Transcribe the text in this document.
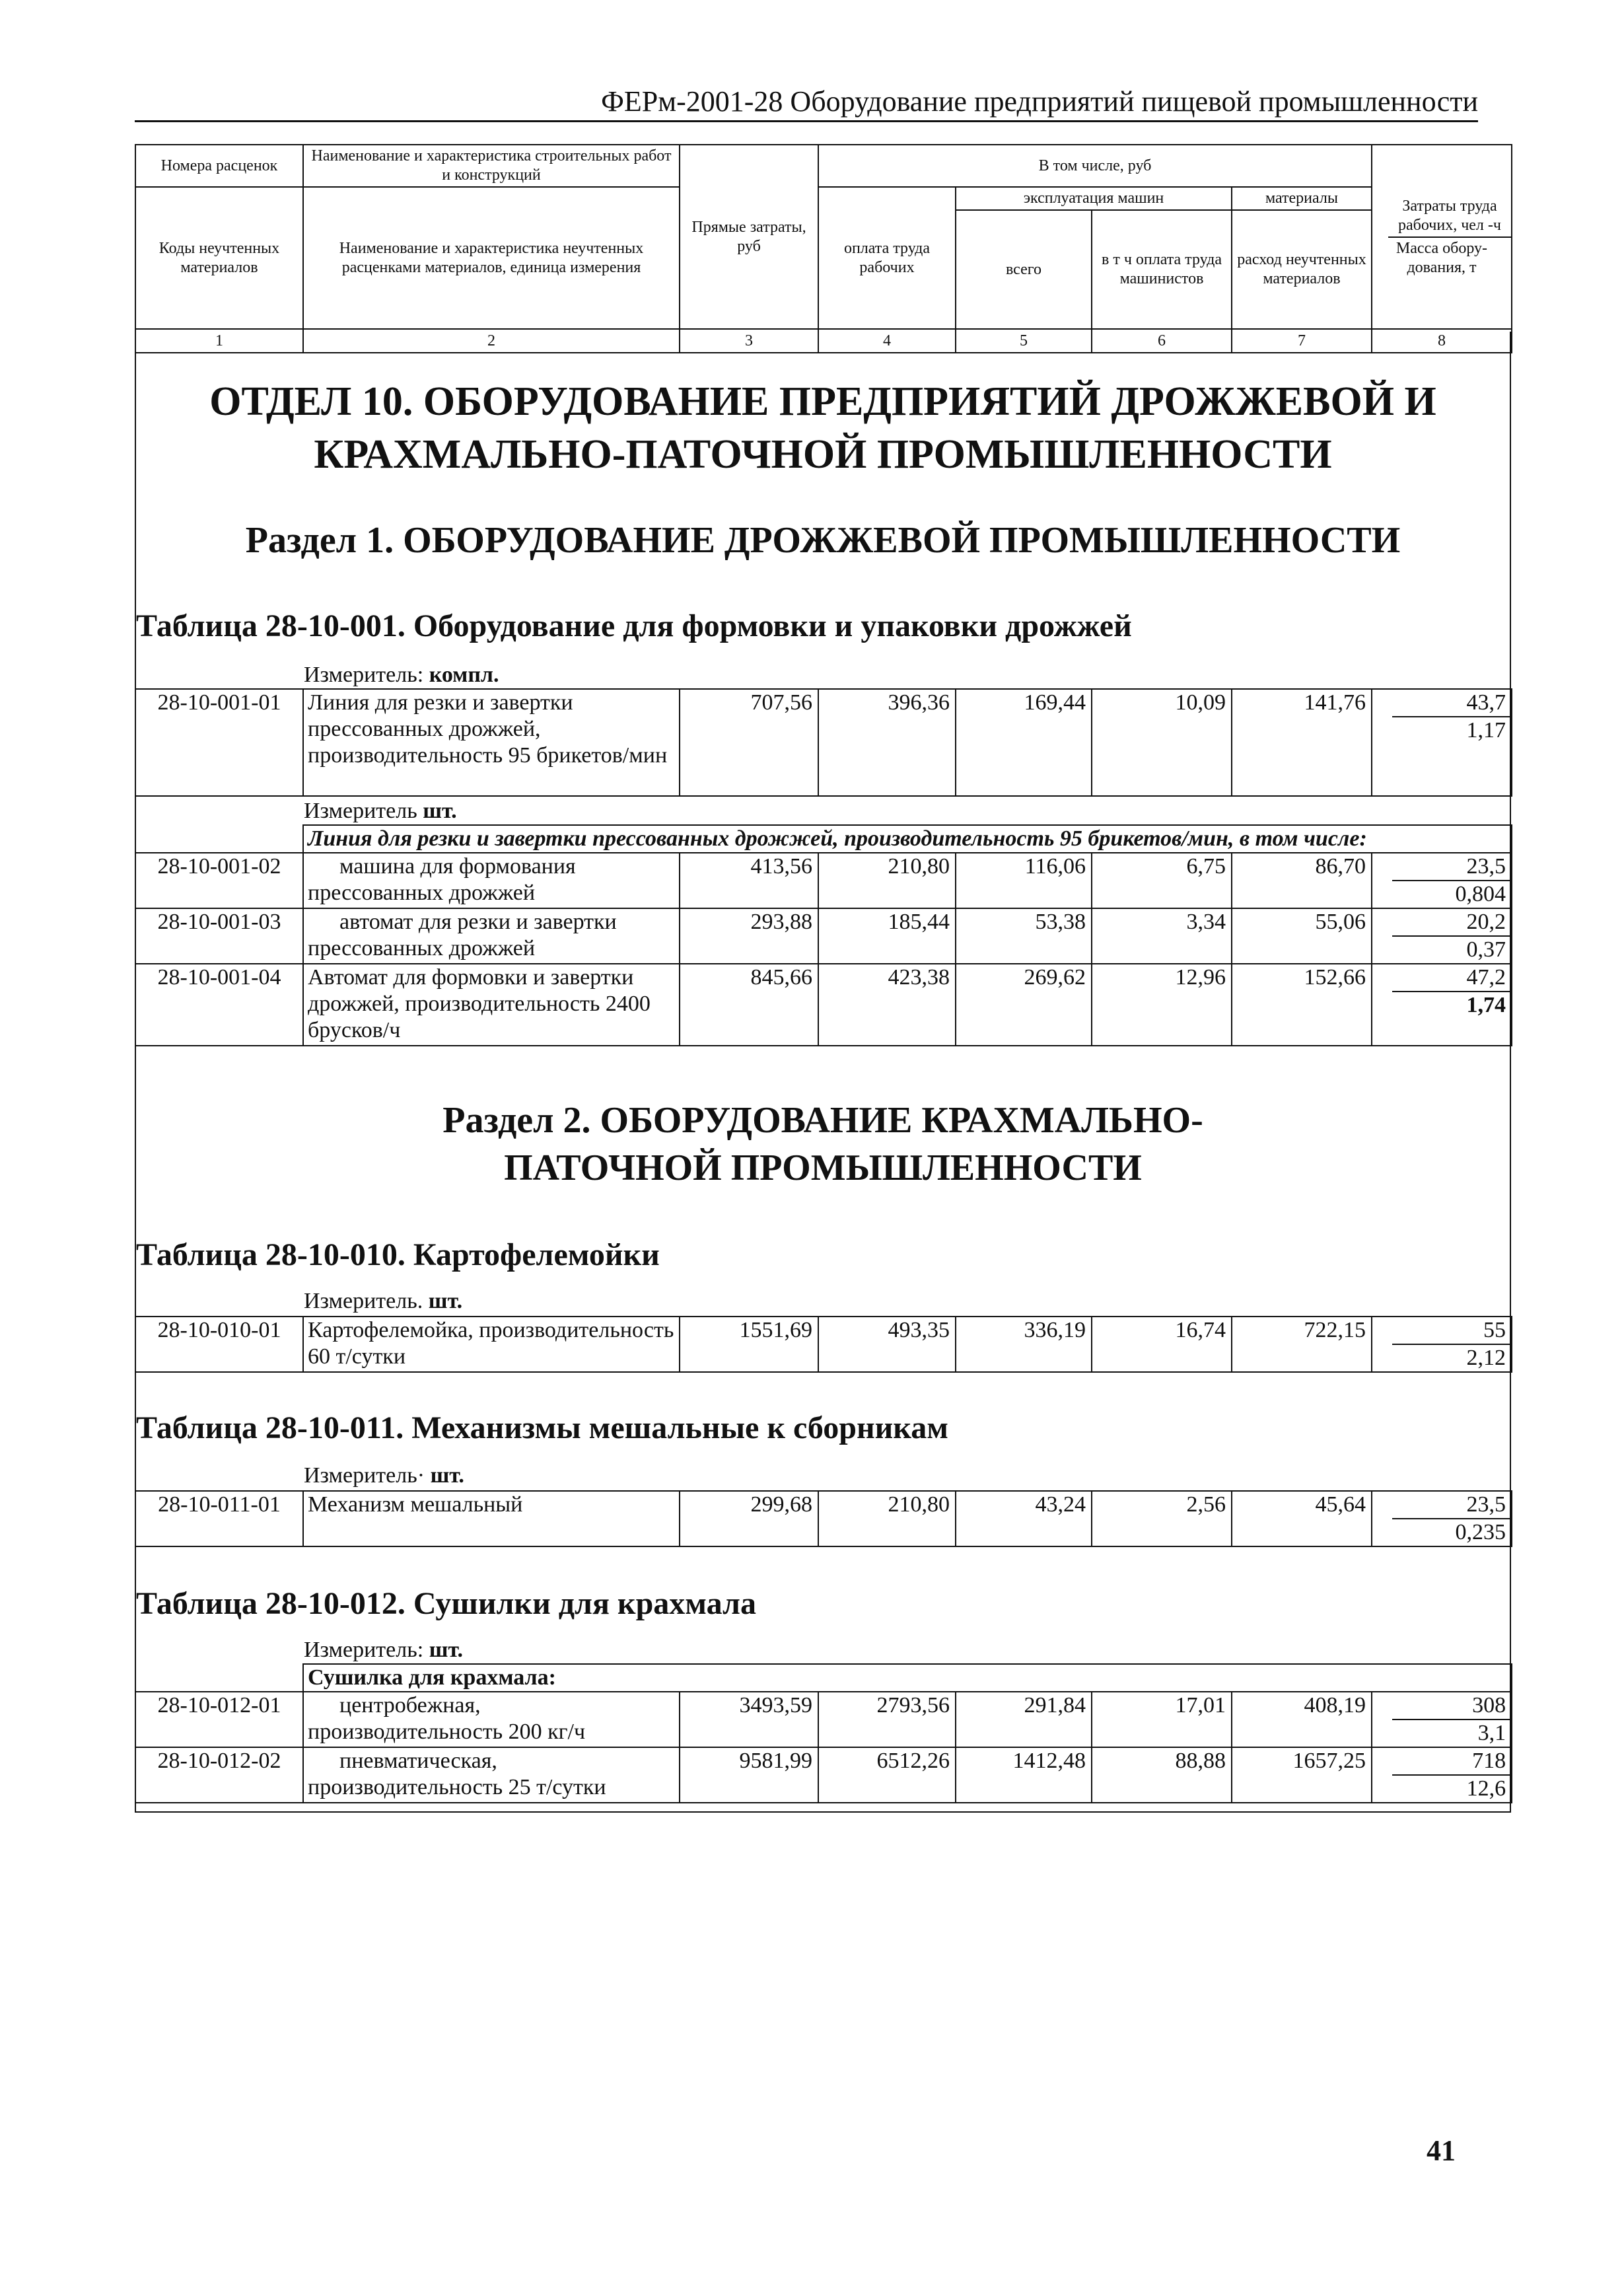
ФЕРм-2001-28 Оборудование предприятий пищевой промышленности
Номера расценок	Наименование и характеристика строительных работ и конструкций	Прямые затраты, руб	В том числе, руб				Затраты труда рабочих, чел -ч
Масса обору-дования, т

Коды неучтенных материалов	Наименование и характеристика неучтенных расценками материалов, единица измерения		оплата труда рабочих	эксплуатация машин		материалы	
				всего	в т ч оплата труда машинистов	расход неучтенных материалов	
1	2	3	4	5	6	7	8
ОТДЕЛ 10. ОБОРУДОВАНИЕ ПРЕДПРИЯТИЙ ДРОЖЖЕВОЙ И КРАХМАЛЬНО-ПАТОЧНОЙ ПРОМЫШЛЕННОСТИ
Раздел 1. ОБОРУДОВАНИЕ ДРОЖЖЕВОЙ ПРОМЫШЛЕННОСТИ
Таблица 28-10-001. Оборудование для формовки и упаковки дрожжей
Измеритель: компл.
28-10-001-01	Линия для резки и завертки прессованных дрожжей, производительность 95 брикетов/мин	707,56	396,36	169,44	10,09	141,76	43,7
1,17
Измеритель шт.
	Линия для резки и завертки прессованных дрожжей, производительность 95 брикетов/мин, в том числе:						
28-10-001-02	машина для формования прессованных дрожжей	413,56	210,80	116,06	6,75	86,70	23,5
0,804

28-10-001-03	автомат для резки и завертки прессованных дрожжей	293,88	185,44	53,38	3,34	55,06	20,2
0,37

28-10-001-04	Автомат для формовки и завертки дрожжей, производительность 2400 брусков/ч	845,66	423,38	269,62	12,96	152,66	47,2
1,74
Раздел 2. ОБОРУДОВАНИЕ КРАХМАЛЬНО-ПАТОЧНОЙ ПРОМЫШЛЕННОСТИ
Таблица 28-10-010. Картофелемойки
Измеритель. шт.
28-10-010-01	Картофелемойка, производительность 60 т/сутки	1551,69	493,35	336,19	16,74	722,15	55
2,12
Таблица 28-10-011. Механизмы мешальные к сборникам
Измеритель· шт.
28-10-011-01	Механизм мешальный	299,68	210,80	43,24	2,56	45,64	23,5
0,235
Таблица 28-10-012. Сушилки для крахмала
Измеритель: шт.
	Сушилка для крахмала:						
28-10-012-01	центробежная, производительность 200 кг/ч	3493,59	2793,56	291,84	17,01	408,19	308
3,1

28-10-012-02	пневматическая, производительность 25 т/сутки	9581,99	6512,26	1412,48	88,88	1657,25	718
12,6
41
